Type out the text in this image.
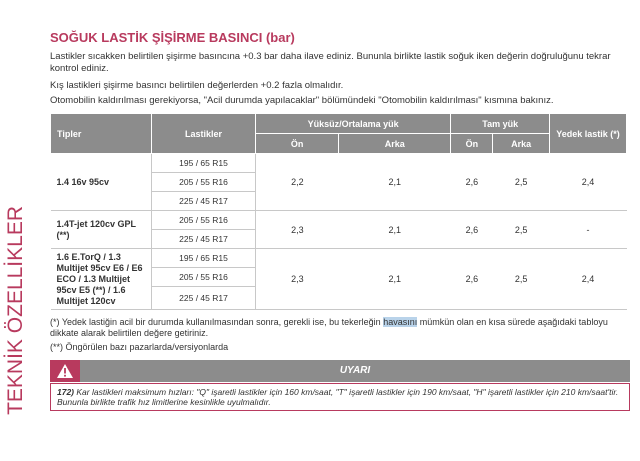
TEKNİK ÖZELLİKLER
SOĞUK LASTİK ŞİŞİRME BASINCI (bar)

Lastikler sıcakken belirtilen şişirme basıncına +0.3 bar daha ilave ediniz. Bununla birlikte lastik soğuk iken değerin doğruluğunu tekrar kontrol ediniz.

Kış lastikleri şişirme basıncı belirtilen değerlerden +0.2 fazla olmalıdır.

Otomobilin kaldırılması gerekiyorsa, "Acil durumda yapılacaklar" bölümündeki "Otomobilin kaldırılması" kısmına bakınız.

Tipler	Lastikler	Yüksüz/Ortalama yük		Tam yük		Yedek lastik (*)
		Ön	Arka	Ön	Arka	
1.4 16v 95cv	195 / 65 R15	2,2	2,1	2,6	2,5	2,4
	205 / 55 R16					
	225 / 45 R17					
1.4T-jet 120cv GPL (**)	205 / 55 R16	2,3	2,1	2,6	2,5	-
	225 / 45 R17					
1.6 E.TorQ / 1.3 Multijet 95cv E6 / E6 ECO / 1.3 Multijet 95cv E5 (**) / 1.6 Multijet 120cv	195 / 65 R15	2,3	2,1	2,6	2,5	2,4
	205 / 55 R16					
	225 / 45 R17					

(*) Yedek lastiğin acil bir durumda kullanılmasından sonra, gerekli ise, bu tekerleğin havasını mümkün olan en kısa sürede aşağıdaki tabloyu dikkate alarak belirtilen değere getiriniz.

(**) Öngörülen bazı pazarlarda/versiyonlarda

UYARI

172) Kar lastikleri maksimum hızları: "Q" işaretli lastikler için 160 km/saat, "T" işaretli lastikler için 190 km/saat, "H" işaretli lastikler için 210 km/saat'tir. Bununla birlikte trafik hız limitlerine kesinlikle uyulmalıdır.
